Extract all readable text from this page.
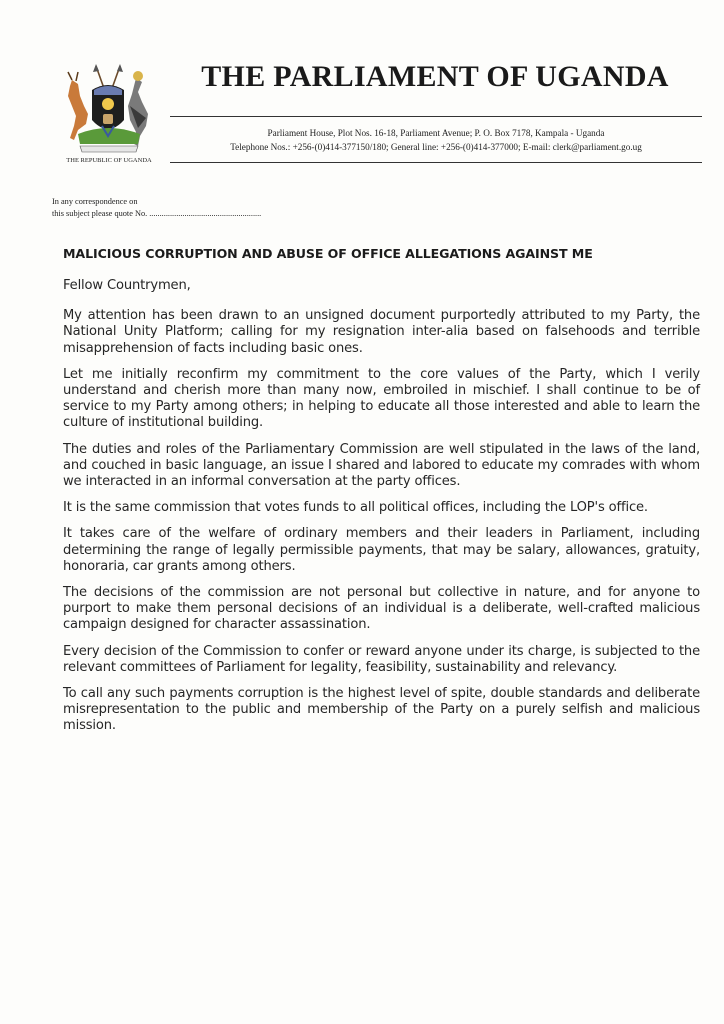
THE REPUBLIC OF UGANDA
THE PARLIAMENT OF UGANDA
Parliament House, Plot Nos. 16-18, Parliament Avenue; P. O. Box 7178, Kampala - Uganda
Telephone Nos.: +256-(0)414-377150/180; General line: +256-(0)414-377000; E-mail: clerk@parliament.go.ug
In any correspondence on
this subject please quote No. ......................................................
MALICIOUS CORRUPTION AND ABUSE OF OFFICE ALLEGATIONS AGAINST ME

Fellow Countrymen,

My attention has been drawn to an unsigned document purportedly attributed to my Party, the National Unity Platform; calling for my resignation inter-alia based on falsehoods and terrible misapprehension of facts including basic ones.

Let me initially reconfirm my commitment to the core values of the Party, which I verily understand and cherish more than many now, embroiled in mischief. I shall continue to be of service to my Party among others; in helping to educate all those interested and able to learn the culture of institutional building.

The duties and roles of the Parliamentary Commission are well stipulated in the laws of the land, and couched in basic language, an issue I shared and labored to educate my comrades with whom we interacted in an informal conversation at the party offices.

It is the same commission that votes funds to all political offices, including the LOP's office.

It takes care of the welfare of ordinary members and their leaders in Parliament, including determining the range of legally permissible payments, that may be salary, allowances, gratuity, honoraria, car grants among others.

The decisions of the commission are not personal but collective in nature, and for anyone to purport to make them personal decisions of an individual is a deliberate, well-crafted malicious campaign designed for character assassination.

Every decision of the Commission to confer or reward anyone under its charge, is subjected to the relevant committees of Parliament for legality, feasibility, sustainability and relevancy.

To call any such payments corruption is the highest level of spite, double standards and deliberate misrepresentation to the public and membership of the Party on a purely selfish and malicious mission.
